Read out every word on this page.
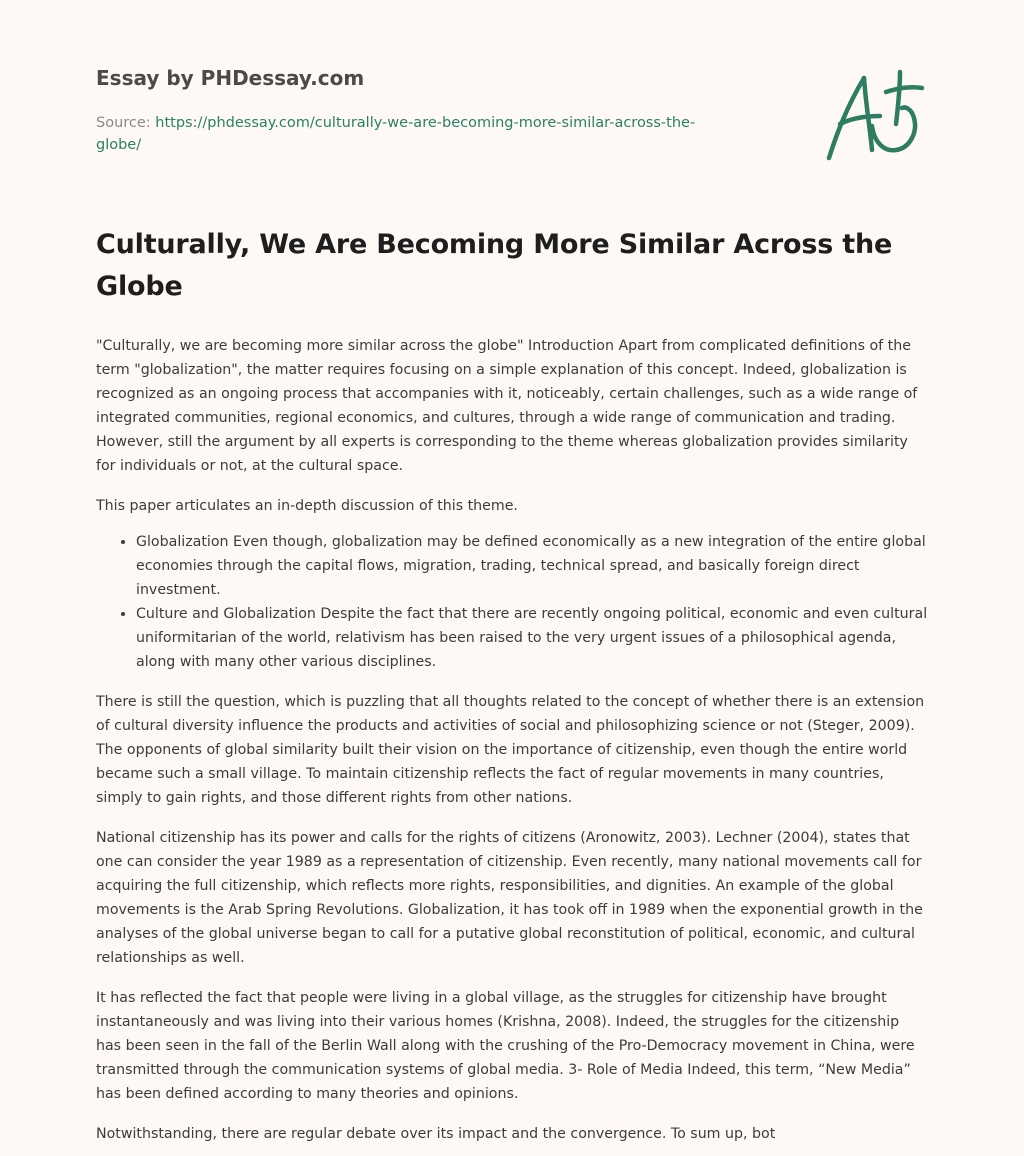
Essay by PHDessay.com
Source: https://phdessay.com/culturally-we-are-becoming-more-similar-across-the-globe/
Culturally, We Are Becoming More Similar Across the Globe

"Culturally, we are becoming more similar across the globe" Introduction Apart from complicated definitions of the term "globalization", the matter requires focusing on a simple explanation of this concept. Indeed, globalization is recognized as an ongoing process that accompanies with it, noticeably, certain challenges, such as a wide range of integrated communities, regional economics, and cultures, through a wide range of communication and trading. However, still the argument by all experts is corresponding to the theme whereas globalization provides similarity for individuals or not, at the cultural space.

This paper articulates an in-depth discussion of this theme.

• Globalization Even though, globalization may be defined economically as a new integration of the entire global economies through the capital flows, migration, trading, technical spread, and basically foreign direct investment.
• Culture and Globalization Despite the fact that there are recently ongoing political, economic and even cultural uniformitarian of the world, relativism has been raised to the very urgent issues of a philosophical agenda, along with many other various disciplines.

There is still the question, which is puzzling that all thoughts related to the concept of whether there is an extension of cultural diversity influence the products and activities of social and philosophizing science or not (Steger, 2009). The opponents of global similarity built their vision on the importance of citizenship, even though the entire world became such a small village. To maintain citizenship reflects the fact of regular movements in many countries, simply to gain rights, and those different rights from other nations.

National citizenship has its power and calls for the rights of citizens (Aronowitz, 2003). Lechner (2004), states that one can consider the year 1989 as a representation of citizenship. Even recently, many national movements call for acquiring the full citizenship, which reflects more rights, responsibilities, and dignities. An example of the global movements is the Arab Spring Revolutions. Globalization, it has took off in 1989 when the exponential growth in the analyses of the global universe began to call for a putative global reconstitution of political, economic, and cultural relationships as well.

It has reflected the fact that people were living in a global village, as the struggles for citizenship have brought instantaneously and was living into their various homes (Krishna, 2008). Indeed, the struggles for the citizenship has been seen in the fall of the Berlin Wall along with the crushing of the Pro-Democracy movement in China, were transmitted through the communication systems of global media. 3- Role of Media Indeed, this term, “New Media” has been defined according to many theories and opinions.

Notwithstanding, there are regular debate over its impact and the convergence. To sum up, bot
